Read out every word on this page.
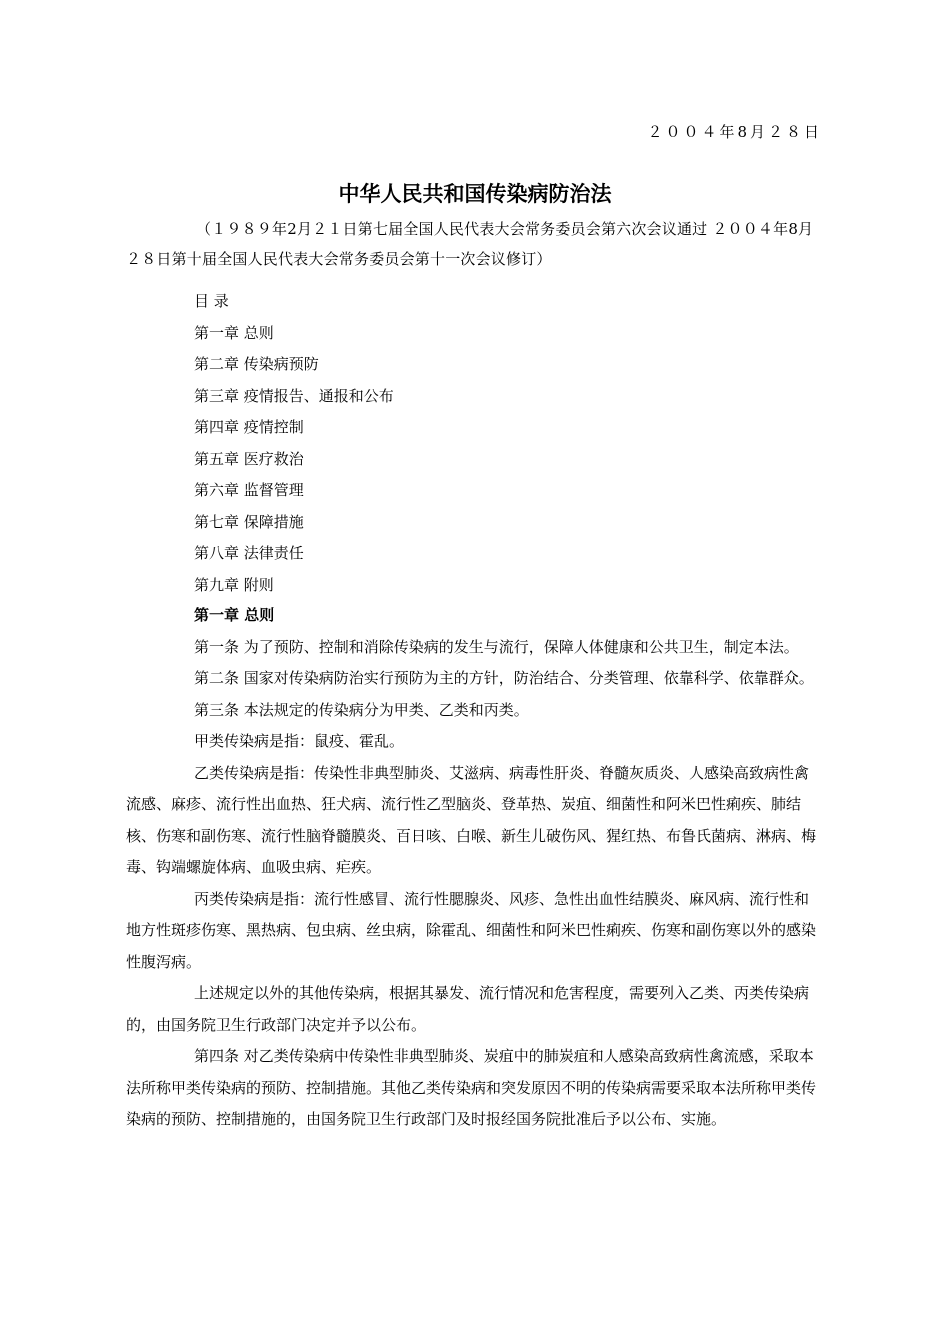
２００４年8月２８日
中华人民共和国传染病防治法
（１９８９年2月２１日第七届全国人民代表大会常务委员会第六次会议通过 ２００４年8月２８日第十届全国人民代表大会常务委员会第十一次会议修订）
目 录
第一章 总则
第二章 传染病预防
第三章 疫情报告、通报和公布
第四章 疫情控制
第五章 医疗救治
第六章 监督管理
第七章 保障措施
第八章 法律责任
第九章 附则
第一章 总则

第一条 为了预防、控制和消除传染病的发生与流行，保障人体健康和公共卫生，制定本法。

第二条 国家对传染病防治实行预防为主的方针，防治结合、分类管理、依靠科学、依靠群众。

第三条 本法规定的传染病分为甲类、乙类和丙类。

甲类传染病是指：鼠疫、霍乱。

乙类传染病是指：传染性非典型肺炎、艾滋病、病毒性肝炎、脊髓灰质炎、人感染高致病性禽流感、麻疹、流行性出血热、狂犬病、流行性乙型脑炎、登革热、炭疽、细菌性和阿米巴性痢疾、肺结核、伤寒和副伤寒、流行性脑脊髓膜炎、百日咳、白喉、新生儿破伤风、猩红热、布鲁氏菌病、淋病、梅毒、钩端螺旋体病、血吸虫病、疟疾。

丙类传染病是指：流行性感冒、流行性腮腺炎、风疹、急性出血性结膜炎、麻风病、流行性和地方性斑疹伤寒、黑热病、包虫病、丝虫病，除霍乱、细菌性和阿米巴性痢疾、伤寒和副伤寒以外的感染性腹泻病。

上述规定以外的其他传染病，根据其暴发、流行情况和危害程度，需要列入乙类、丙类传染病的，由国务院卫生行政部门决定并予以公布。

第四条 对乙类传染病中传染性非典型肺炎、炭疽中的肺炭疽和人感染高致病性禽流感，采取本法所称甲类传染病的预防、控制措施。其他乙类传染病和突发原因不明的传染病需要采取本法所称甲类传染病的预防、控制措施的，由国务院卫生行政部门及时报经国务院批准后予以公布、实施。
